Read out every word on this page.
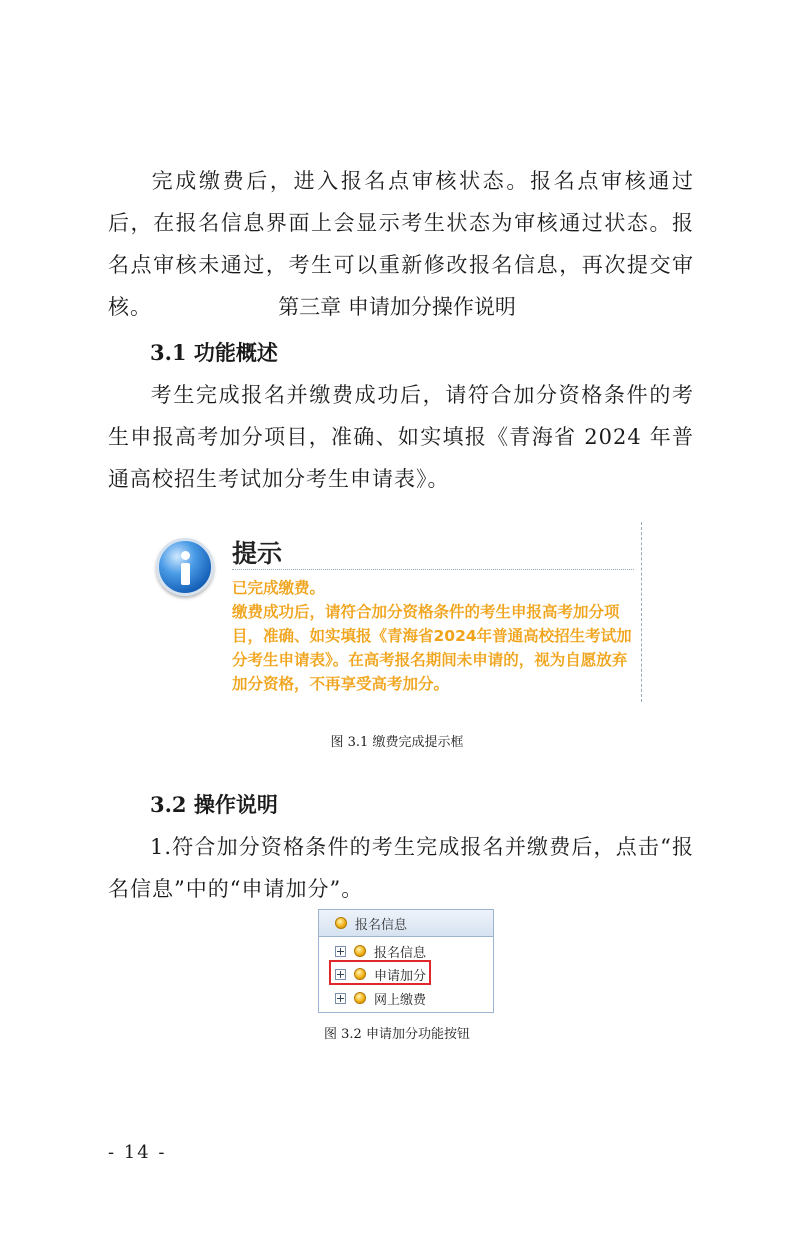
完成缴费后，进入报名点审核状态。报名点审核通过后，在报名信息界面上会显示考生状态为审核通过状态。报名点审核未通过，考生可以重新修改报名信息，再次提交审核。	第三章 申请加分操作说明
3.1 功能概述

考生完成报名并缴费成功后，请符合加分资格条件的考生申报高考加分项目，准确、如实填报《青海省 2024 年普通高校招生考试加分考生申请表》。

提示

已完成缴费。
缴费成功后，请符合加分资格条件的考生申报高考加分项目，准确、如实填报《青海省2024年普通高校招生考试加分考生申请表》。在高考报名期间未申请的，视为自愿放弃加分资格，不再享受高考加分。

图 3.1 缴费完成提示框
3.2 操作说明

1.符合加分资格条件的考生完成报名并缴费后，点击“报名信息”中的“申请加分”。

报名信息
报名信息
申请加分
网上缴费
图 3.2 申请加分功能按钮
- 14 -
